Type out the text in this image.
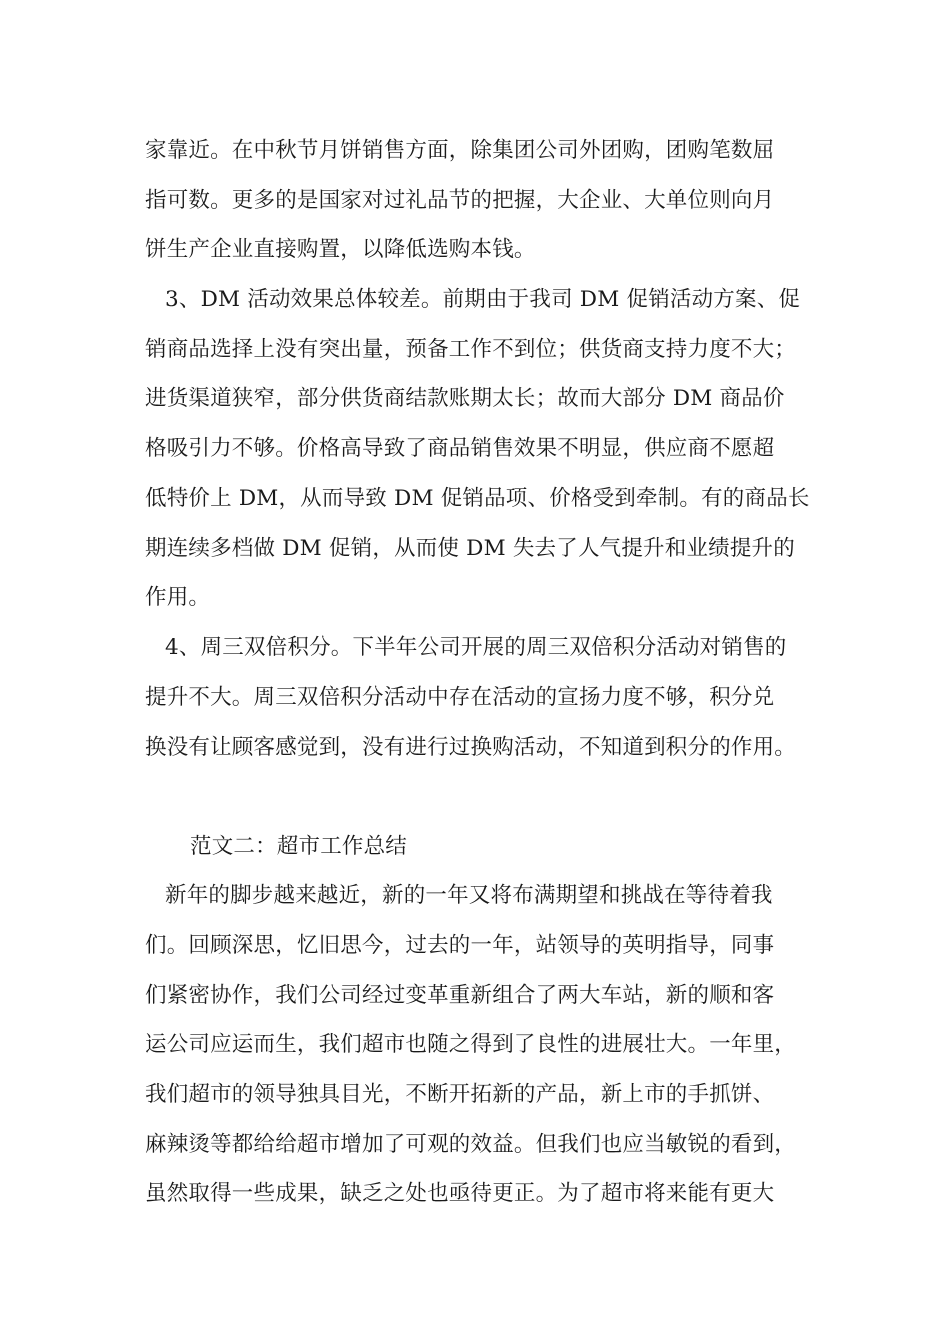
家靠近。在中秋节月饼销售方面，除集团公司外团购，团购笔数屈

指可数。更多的是国家对过礼品节的把握，大企业、大单位则向月

饼生产企业直接购置，以降低选购本钱。

3、DM 活动效果总体较差。前期由于我司 DM 促销活动方案、促

销商品选择上没有突出量，预备工作不到位；供货商支持力度不大；

进货渠道狭窄，部分供货商结款账期太长；故而大部分 DM 商品价

格吸引力不够。价格高导致了商品销售效果不明显，供应商不愿超

低特价上 DM，从而导致 DM 促销品项、价格受到牵制。有的商品长

期连续多档做 DM 促销，从而使 DM 失去了人气提升和业绩提升的

作用。

4、周三双倍积分。下半年公司开展的周三双倍积分活动对销售的

提升不大。周三双倍积分活动中存在活动的宣扬力度不够，积分兑

换没有让顾客感觉到，没有进行过换购活动，不知道到积分的作用。

范文二：超市工作总结

新年的脚步越来越近，新的一年又将布满期望和挑战在等待着我

们。回顾深思，忆旧思今，过去的一年，站领导的英明指导，同事

们紧密协作，我们公司经过变革重新组合了两大车站，新的顺和客

运公司应运而生，我们超市也随之得到了良性的进展壮大。一年里，

我们超市的领导独具目光，不断开拓新的产品，新上市的手抓饼、

麻辣烫等都给给超市增加了可观的效益。但我们也应当敏锐的看到，

虽然取得一些成果，缺乏之处也亟待更正。为了超市将来能有更大
